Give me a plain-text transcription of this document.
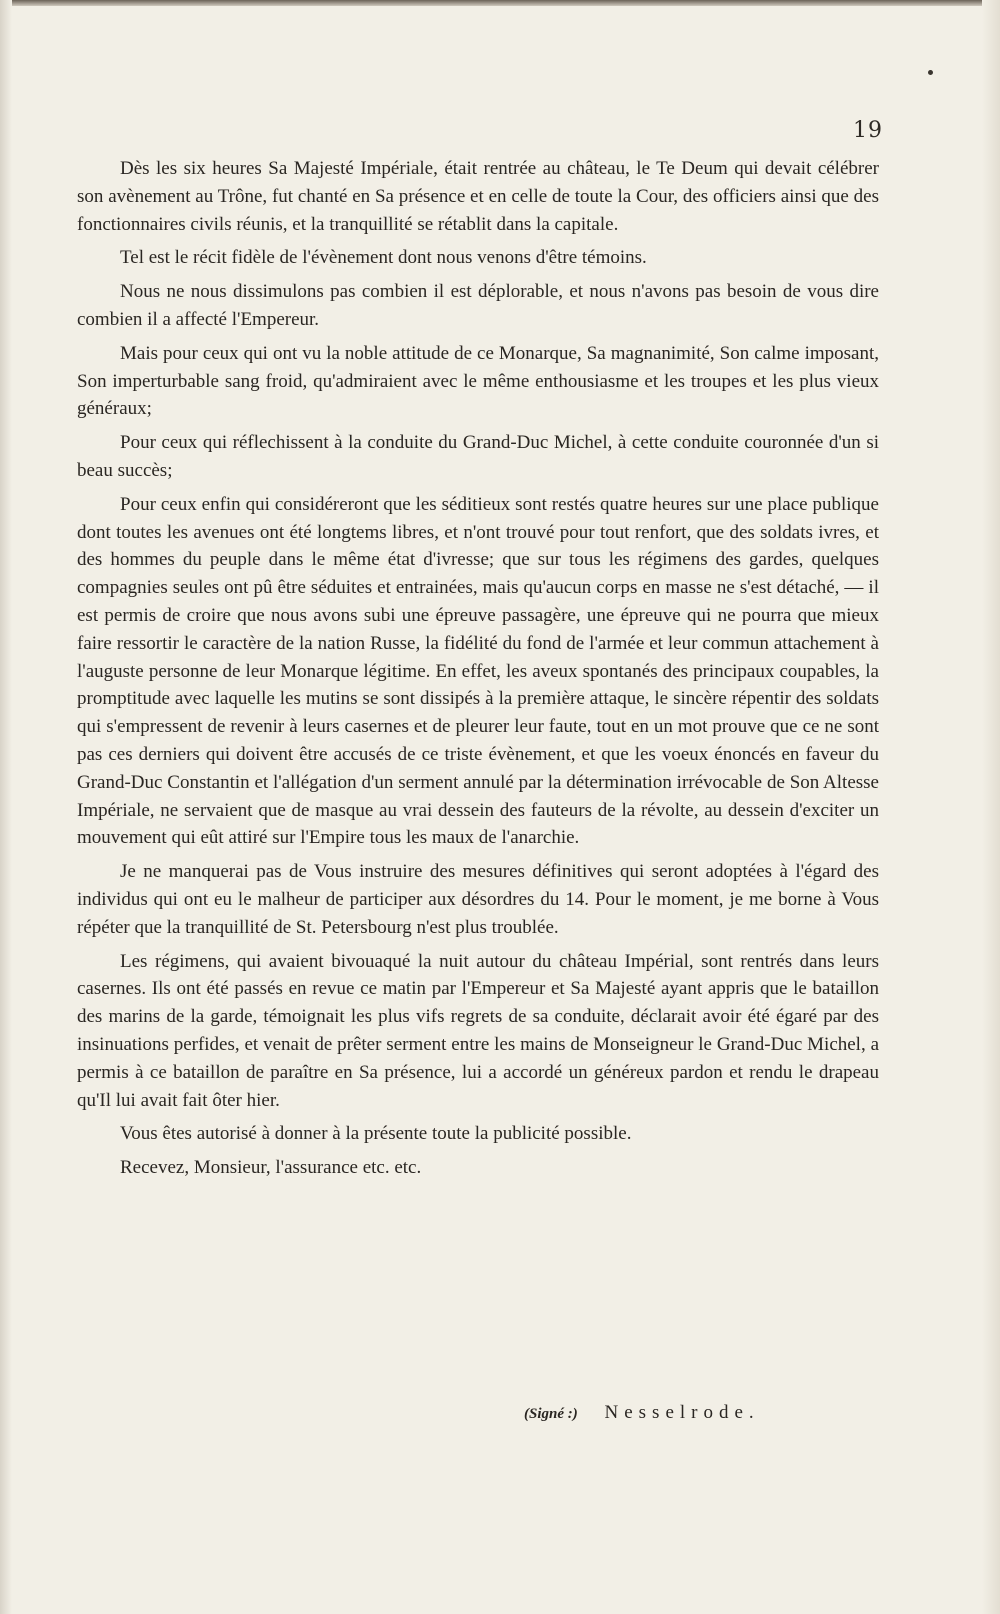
19

Dès les six heures Sa Majesté Impériale, était rentrée au château, le Te Deum qui devait célébrer son avènement au Trône, fut chanté en Sa présence et en celle de toute la Cour, des officiers ainsi que des fonctionnaires civils réunis, et la tranquillité se rétablit dans la capitale.

Tel est le récit fidèle de l'évènement dont nous venons d'être témoins.

Nous ne nous dissimulons pas combien il est déplorable, et nous n'avons pas besoin de vous dire combien il a affecté l'Empereur.

Mais pour ceux qui ont vu la noble attitude de ce Monarque, Sa magnanimité, Son calme imposant, Son imperturbable sang froid, qu'admiraient avec le même enthousiasme et les troupes et les plus vieux généraux;

Pour ceux qui réflechissent à la conduite du Grand-Duc Michel, à cette conduite couronnée d'un si beau succès;

Pour ceux enfin qui considéreront que les séditieux sont restés quatre heures sur une place publique dont toutes les avenues ont été longtems libres, et n'ont trouvé pour tout renfort, que des soldats ivres, et des hommes du peuple dans le même état d'ivresse; que sur tous les régimens des gardes, quelques compagnies seules ont pû être séduites et entrainées, mais qu'aucun corps en masse ne s'est détaché, — il est permis de croire que nous avons subi une épreuve passagère, une épreuve qui ne pourra que mieux faire ressortir le caractère de la nation Russe, la fidélité du fond de l'armée et leur commun attachement à l'auguste personne de leur Monarque légitime. En effet, les aveux spontanés des principaux coupables, la promptitude avec laquelle les mutins se sont dissipés à la première attaque, le sincère répentir des soldats qui s'empressent de revenir à leurs casernes et de pleurer leur faute, tout en un mot prouve que ce ne sont pas ces derniers qui doivent être accusés de ce triste évènement, et que les voeux énoncés en faveur du Grand-Duc Constantin et l'allégation d'un serment annulé par la détermination irrévocable de Son Altesse Impériale, ne servaient que de masque au vrai dessein des fauteurs de la révolte, au dessein d'exciter un mouvement qui eût attiré sur l'Empire tous les maux de l'anarchie.

Je ne manquerai pas de Vous instruire des mesures définitives qui seront adoptées à l'égard des individus qui ont eu le malheur de participer aux désordres du 14. Pour le moment, je me borne à Vous répéter que la tranquillité de St. Petersbourg n'est plus troublée.

Les régimens, qui avaient bivouaqué la nuit autour du château Impérial, sont rentrés dans leurs casernes. Ils ont été passés en revue ce matin par l'Empereur et Sa Majesté ayant appris que le bataillon des marins de la garde, témoignait les plus vifs regrets de sa conduite, déclarait avoir été égaré par des insinuations perfides, et venait de prêter serment entre les mains de Monseigneur le Grand-Duc Michel, a permis à ce bataillon de paraître en Sa présence, lui a accordé un généreux pardon et rendu le drapeau qu'Il lui avait fait ôter hier.

Vous êtes autorisé à donner à la présente toute la publicité possible.

Recevez, Monsieur, l'assurance etc. etc.

(Signé :) Nesselrode.
